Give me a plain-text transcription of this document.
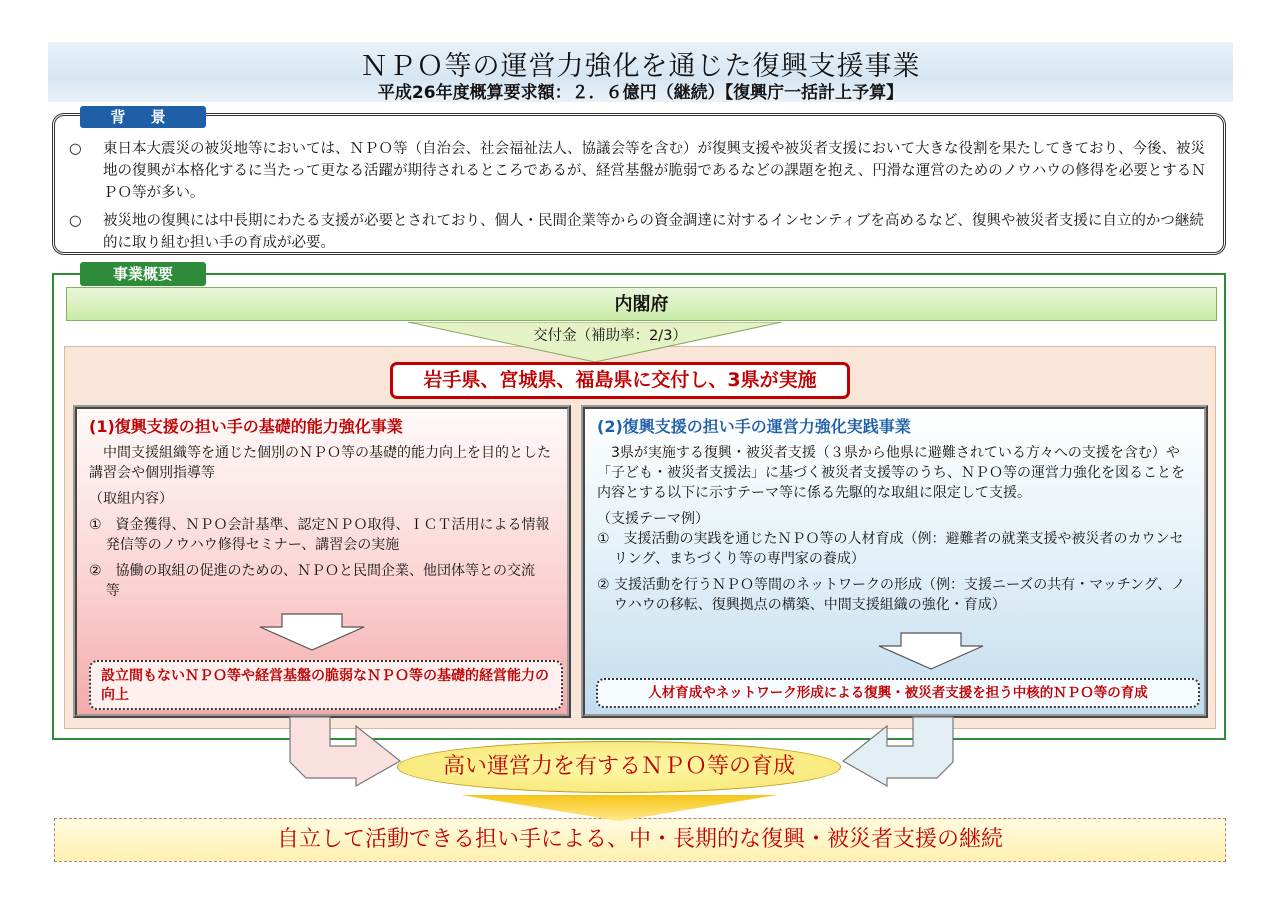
ＮＰＯ等の運営力強化を通じた復興支援事業
平成26年度概算要求額：２．６億円（継続）【復興庁一括計上予算】
背 景
○	東日本大震災の被災地等においては、ＮＰＯ等（自治会、社会福祉法人、協議会等を含む）が復興支援や被災者支援において大きな役割を果たしてきており、今後、被災地の復興が本格化するに当たって更なる活躍が期待されるところであるが、経営基盤が脆弱であるなどの課題を抱え、円滑な運営のためのノウハウの修得を必要とするＮＰＯ等が多い。
○	被災地の復興には中長期にわたる支援が必要とされており、個人・民間企業等からの資金調達に対するインセンティブを高めるなど、復興や被災者支援に自立的かつ継続的に取り組む担い手の育成が必要。
事業概要
内閣府
交付金（補助率：2/3）
岩手県、宮城県、福島県に交付し、3県が実施
(1)復興支援の担い手の基礎的能力強化事業
中間支援組織等を通じた個別のＮＰＯ等の基礎的能力向上を目的とした講習会や個別指導等
（取組内容）
①　資金獲得、ＮＰＯ会計基準、認定ＮＰＯ取得、ＩＣＴ活用による情報発信等のノウハウ修得セミナー、講習会の実施
②　協働の取組の促進のための、ＮＰＯと民間企業、他団体等との交流　等
設立間もないＮＰＯ等や経営基盤の脆弱なＮＰＯ等の基礎的経営能力の向上
(2)復興支援の担い手の運営力強化実践事業
3県が実施する復興・被災者支援（３県から他県に避難されている方々への支援を含む）や「子ども・被災者支援法」に基づく被災者支援等のうち、ＮＰＯ等の運営力強化を図ることを内容とする以下に示すテーマ等に係る先駆的な取組に限定して支援。
（支援テーマ例）
①　支援活動の実践を通じたＮＰＯ等の人材育成（例：避難者の就業支援や被災者のカウンセリング、まちづくり等の専門家の養成）
② 支援活動を行うＮＰＯ等間のネットワークの形成（例：支援ニーズの共有・マッチング、ノウハウの移転、復興拠点の構築、中間支援組織の強化・育成）
人材育成やネットワーク形成による復興・被災者支援を担う中核的ＮＰＯ等の育成
高い運営力を有するＮＰＯ等の育成
自立して活動できる担い手による、中・長期的な復興・被災者支援の継続
